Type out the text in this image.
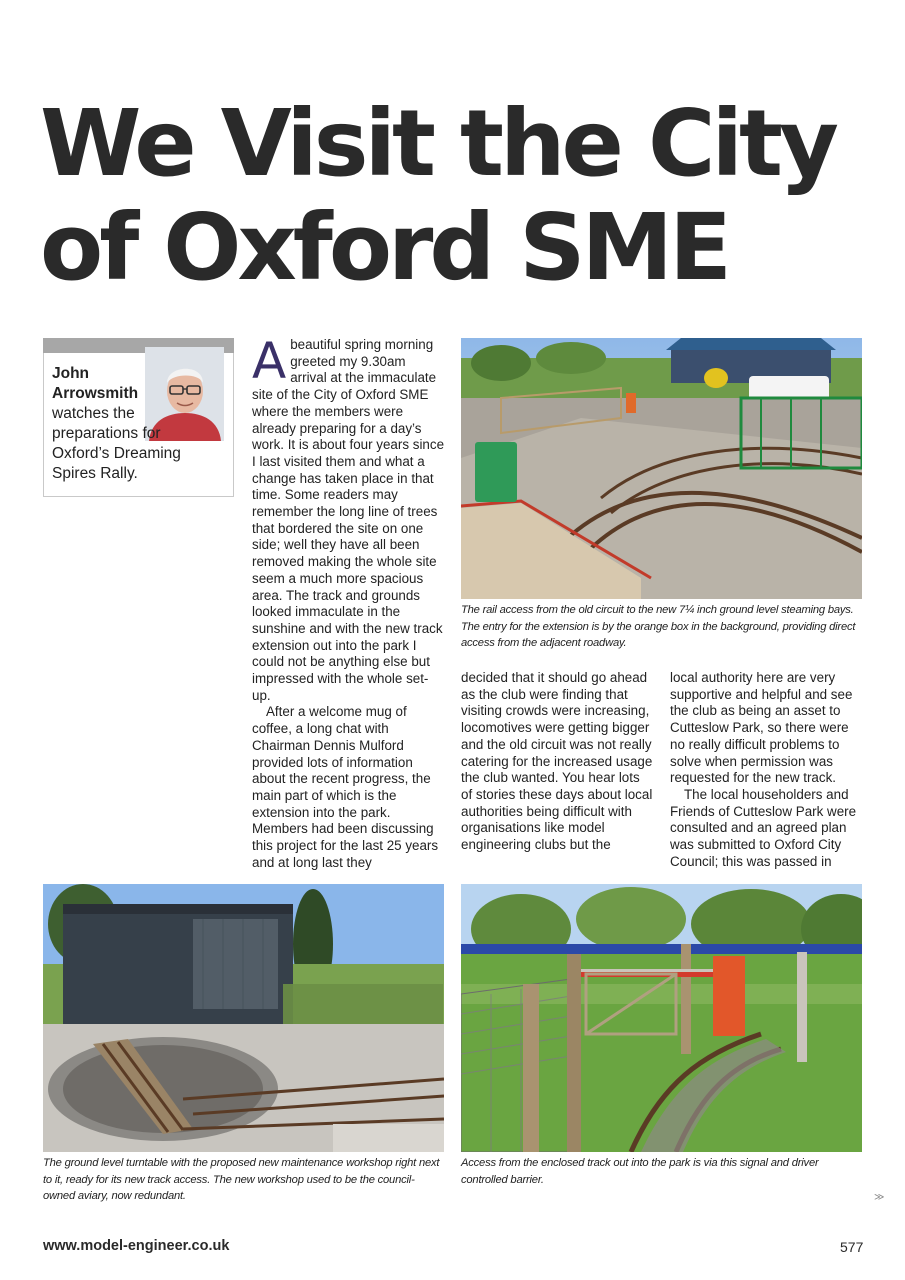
We Visit the City
of Oxford SME
John Arrowsmith
watches the preparations for Oxford’s Dreaming Spires Rally.

Abeautiful spring morning greeted my 9.30am arrival at the immaculate site of the City of Oxford SME where the members were already preparing for a day’s work. It is about four years since I last visited them and what a change has taken place in that time. Some readers may remember the long line of trees that bordered the site on one side; well they have all been removed making the whole site seem a much more spacious area. The track and grounds looked immaculate in the sunshine and with the new track extension out into the park I could not be anything else but impressed with the whole set-up.

After a welcome mug of coffee, a long chat with Chairman Dennis Mulford provided lots of information about the recent progress, the main part of which is the extension into the park. Members had been discussing this project for the last 25 years and at long last they

The rail access from the old circuit to the new 7¼ inch ground level steaming bays. The entry for the extension is by the orange box in the background, providing direct access from the adjacent roadway.

decided that it should go ahead as the club were finding that visiting crowds were increasing, locomotives were getting bigger and the old circuit was not really catering for the increased usage the club wanted. You hear lots of stories these days about local authorities being difficult with organisations like model engineering clubs but the

local authority here are very supportive and helpful and see the club as being an asset to Cutteslow Park, so there were no really difficult problems to solve when permission was requested for the new track.

The local householders and Friends of Cutteslow Park were consulted and an agreed plan was submitted to Oxford City Council; this was passed in

The ground level turntable with the proposed new maintenance workshop right next to it, ready for its new track access. The new workshop used to be the council-owned aviary, now redundant.

Access from the enclosed track out into the park is via this signal and driver controlled barrier.

≫
www.model-engineer.co.uk	577
